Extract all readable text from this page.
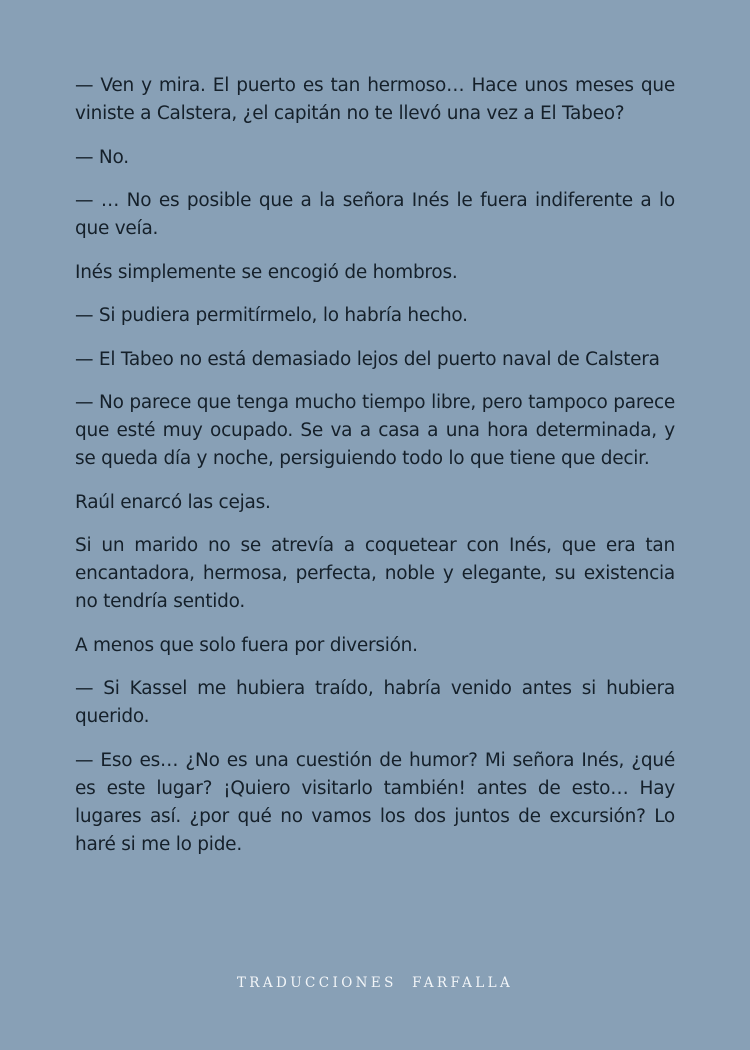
— Ven y mira. El puerto es tan hermoso… Hace unos meses que viniste a Calstera, ¿el capitán no te llevó una vez a El Tabeo?

— No.

— … No es posible que a la señora Inés le fuera indiferente a lo que veía.

Inés simplemente se encogió de hombros.

— Si pudiera permitírmelo, lo habría hecho.

— El Tabeo no está demasiado lejos del puerto naval de Calstera

— No parece que tenga mucho tiempo libre, pero tampoco parece que esté muy ocupado. Se va a casa a una hora determinada, y se queda día y noche, persiguiendo todo lo que tiene que decir.

Raúl enarcó las cejas.

Si un marido no se atrevía a coquetear con Inés, que era tan encantadora, hermosa, perfecta, noble y elegante, su existencia no tendría sentido.

A menos que solo fuera por diversión.

— Si Kassel me hubiera traído, habría venido antes si hubiera querido.

— Eso es… ¿No es una cuestión de humor? Mi señora Inés, ¿qué es este lugar? ¡Quiero visitarlo también! antes de esto… Hay lugares así. ¿por qué no vamos los dos juntos de excursión? Lo haré si me lo pide.

TRADUCCIONES  FARFALLA
